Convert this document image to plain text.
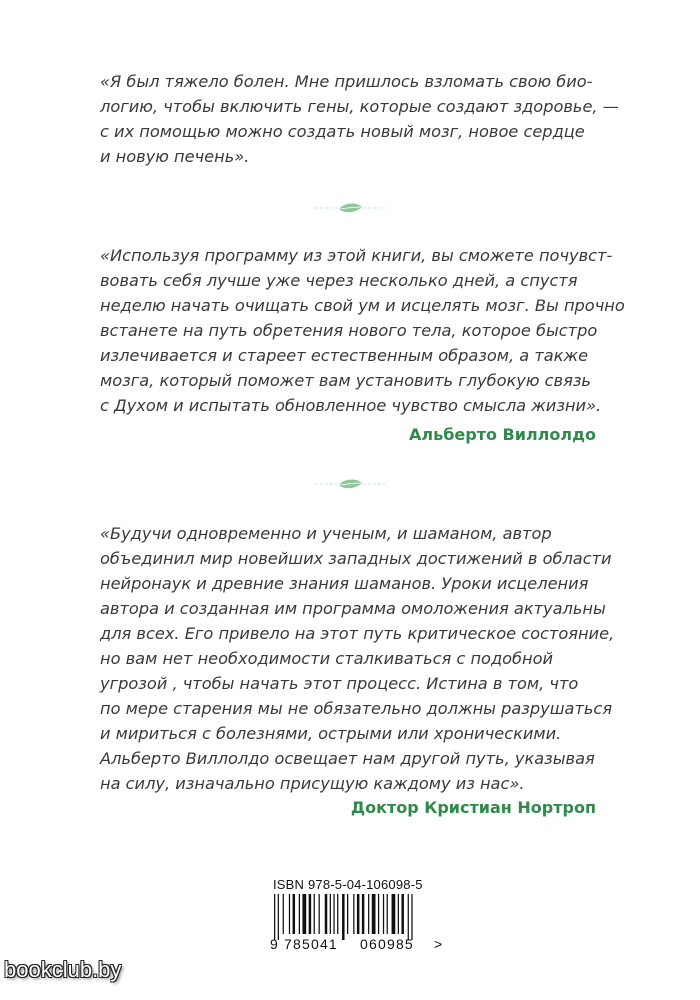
«Я был тяжело болен. Мне пришлось взломать свою био-
логию, чтобы включить гены, которые создают здоровье, —
с их помощью можно создать новый мозг, новое сердце
и новую печень».

«Используя программу из этой книги, вы сможете почувст-
вовать себя лучше уже через несколько дней, а спустя
неделю начать очищать свой ум и исцелять мозг. Вы прочно
встанете на путь обретения нового тела, которое быстро
излечивается и стареет естественным образом, а также
мозга, который поможет вам установить глубокую связь
с Духом и испытать обновленное чувство смысла жизни».

Альберто Виллолдо

«Будучи одновременно и ученым, и шаманом, автор
объединил мир новейших западных достижений в области
нейронаук и древние знания шаманов. Уроки исцеления
автора и созданная им программа омоложения актуальны
для всех. Его привело на этот путь критическое состояние,
но вам нет необходимости сталкиваться с подобной
угрозой , чтобы начать этот процесс. Истина в том, что
по мере старения мы не обязательно должны разрушаться
и мириться с болезнями, острыми или хроническими.
Альберто Виллолдо освещает нам другой путь, указывая
на силу, изначально присущую каждому из нас».

Доктор Кристиан Нортроп
ISBN 978-5-04-106098-5
9 785041 060985 >
bookclub.by
